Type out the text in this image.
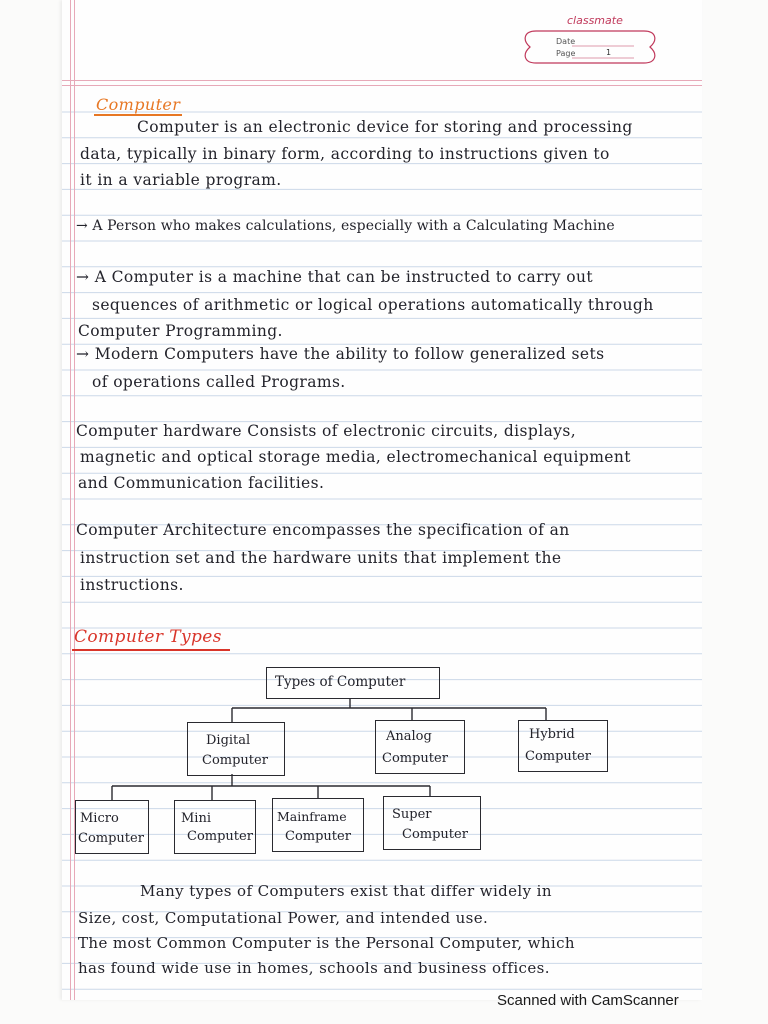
classmate
Date
Page	1
Computer
Computer is an electronic device for storing and processing
data, typically in binary form, according to instructions given to
it in a variable program.
→ A Person who makes calculations, especially with a Calculating Machine
→ A Computer is a machine that can be instructed to carry out
sequences of arithmetic or logical operations automatically through
Computer Programming.
→ Modern Computers have the ability to follow generalized sets
of operations called Programs.
Computer hardware Consists of electronic circuits, displays,
magnetic and optical storage media, electromechanical equipment
and Communication facilities.
Computer Architecture encompasses the specification of an
instruction set and the hardware units that implement the
instructions.
Computer Types
Types of Computer
Digital
Computer
Analog
Computer
Hybrid
Computer
Micro
Computer
Mini
Computer
Mainframe
Computer
Super
Computer
Many types of Computers exist that differ widely in
Size, cost, Computational Power, and intended use.
The most Common Computer is the Personal Computer, which
has found wide use in homes, schools and business offices.
Scanned with CamScanner
